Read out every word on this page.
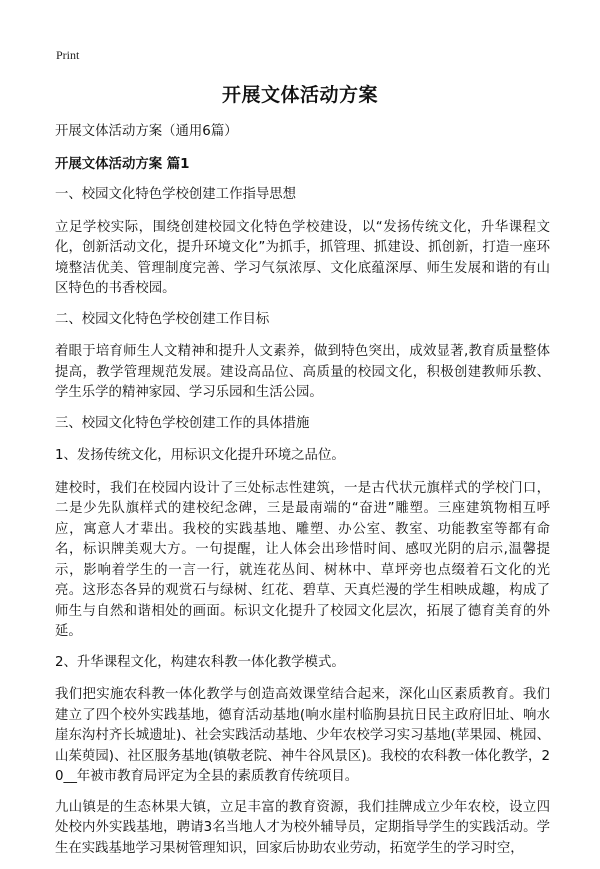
Print
开展文体活动方案

开展文体活动方案（通用6篇）

开展文体活动方案 篇1

一、校园文化特色学校创建工作指导思想

立足学校实际，围绕创建校园文化特色学校建设，以“发扬传统文化，升华课程文化，创新活动文化，提升环境文化”为抓手，抓管理、抓建设、抓创新，打造一座环境整洁优美、管理制度完善、学习气氛浓厚、文化底蕴深厚、师生发展和谐的有山区特色的书香校园。

二、校园文化特色学校创建工作目标

着眼于培育师生人文精神和提升人文素养，做到特色突出，成效显著,教育质量整体提高，教学管理规范发展。建设高品位、高质量的校园文化，积极创建教师乐教、学生乐学的精神家园、学习乐园和生活公园。

三、校园文化特色学校创建工作的具体措施

1、发扬传统文化，用标识文化提升环境之品位。

建校时，我们在校园内设计了三处标志性建筑，一是古代状元旗样式的学校门口，二是少先队旗样式的建校纪念碑，三是最南端的“奋进”雕塑。三座建筑物相互呼应，寓意人才辈出。我校的实践基地、雕塑、办公室、教室、功能教室等都有命名，标识牌美观大方。一句提醒，让人体会出珍惜时间、感叹光阴的启示,温馨提示，影响着学生的一言一行，就连花丛间、树林中、草坪旁也点缀着石文化的光亮。这形态各异的观赏石与绿树、红花、碧草、天真烂漫的学生相映成趣，构成了师生与自然和谐相处的画面。标识文化提升了校园文化层次，拓展了德育美育的外延。

2、升华课程文化，构建农科教一体化教学模式。

我们把实施农科教一体化教学与创造高效课堂结合起来，深化山区素质教育。我们建立了四个校外实践基地，德育活动基地(响水崖村临朐县抗日民主政府旧址、响水崖东沟村齐长城遗址)、社会实践活动基地、少年农校学习实习基地(苹果园、桃园、山茱萸园)、社区服务基地(镇敬老院、神牛谷风景区)。我校的农科教一体化教学，20__年被市教育局评定为全县的素质教育传统项目。

九山镇是的生态林果大镇，立足丰富的教育资源，我们挂牌成立少年农校，设立四处校内外实践基地，聘请3名当地人才为校外辅导员，定期指导学生的实践活动。学生在实践基地学习果树管理知识，回家后协助农业劳动，拓宽学生的学习时空，
